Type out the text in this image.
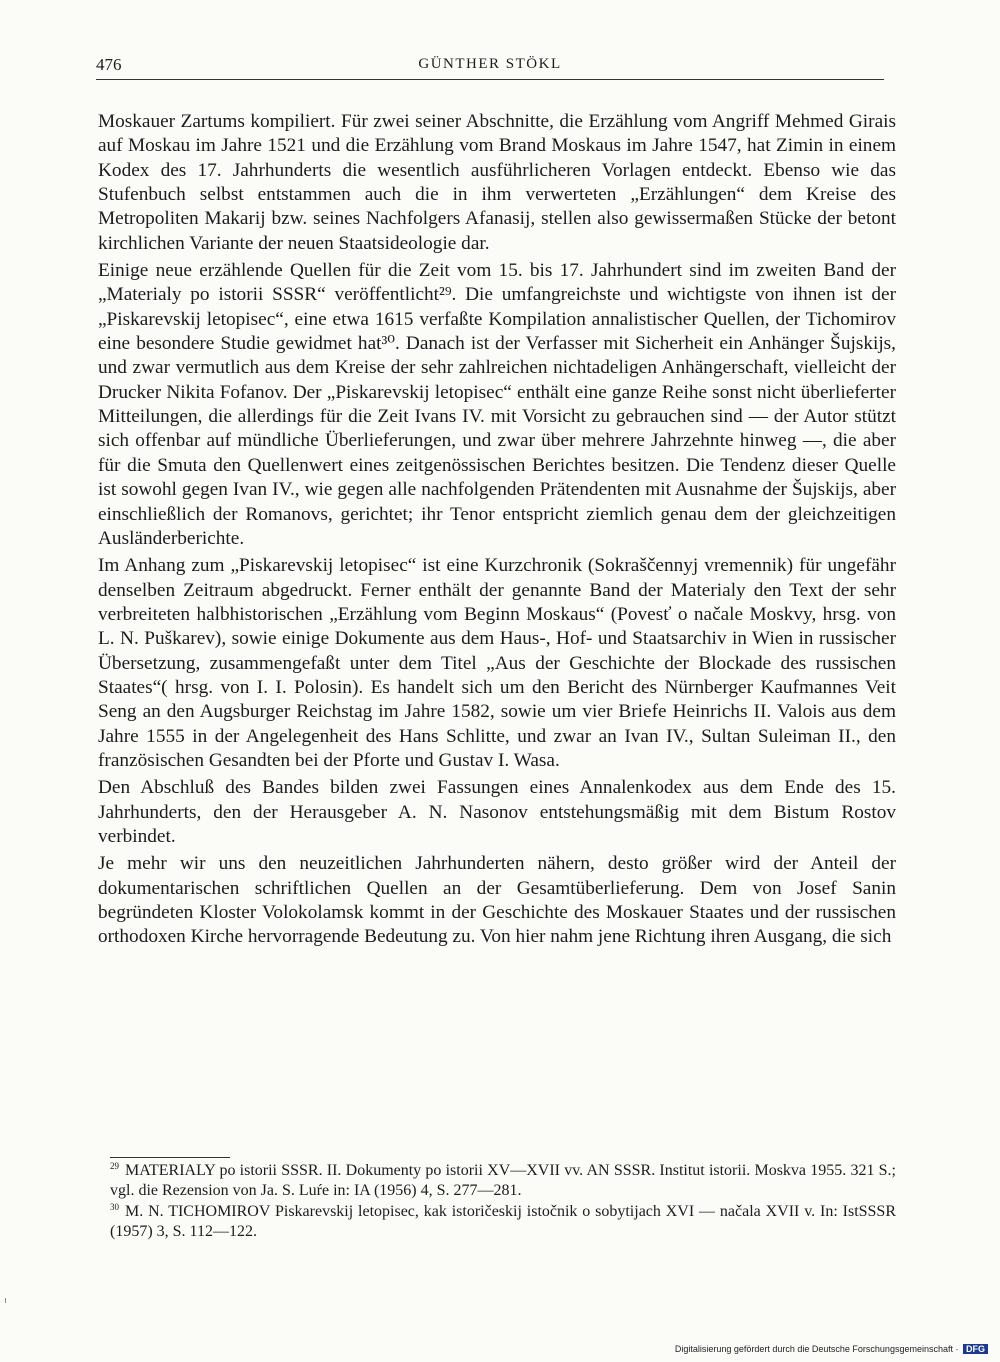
476	GÜNTHER STÖKL

Moskauer Zartums kompiliert. Für zwei seiner Abschnitte, die Erzählung vom Angriff Mehmed Girais auf Moskau im Jahre 1521 und die Erzählung vom Brand Moskaus im Jahre 1547, hat Zimin in einem Kodex des 17. Jahrhunderts die wesentlich ausführlicheren Vorlagen entdeckt. Ebenso wie das Stufenbuch selbst entstammen auch die in ihm verwerteten „Erzählungen“ dem Kreise des Metropoliten Makarij bzw. seines Nachfolgers Afanasij, stellen also gewissermaßen Stücke der betont kirchlichen Variante der neuen Staatsideologie dar.

Einige neue erzählende Quellen für die Zeit vom 15. bis 17. Jahrhundert sind im zweiten Band der „Materialy po istorii SSSR“ veröffentlicht²⁹. Die umfangreichste und wichtigste von ihnen ist der „Piskarevskij letopisec“, eine etwa 1615 verfaßte Kompilation annalistischer Quellen, der Tichomirov eine besondere Studie gewidmet hat³⁰. Danach ist der Verfasser mit Sicherheit ein Anhänger Šujskijs, und zwar vermutlich aus dem Kreise der sehr zahlreichen nichtadeligen Anhängerschaft, vielleicht der Drucker Nikita Fofanov. Der „Piskarevskij letopisec“ enthält eine ganze Reihe sonst nicht überlieferter Mitteilungen, die allerdings für die Zeit Ivans IV. mit Vorsicht zu gebrauchen sind — der Autor stützt sich offenbar auf mündliche Überlieferungen, und zwar über mehrere Jahrzehnte hinweg —, die aber für die Smuta den Quellenwert eines zeitgenössischen Berichtes besitzen. Die Tendenz dieser Quelle ist sowohl gegen Ivan IV., wie gegen alle nachfolgenden Prätendenten mit Ausnahme der Šujskijs, aber einschließlich der Romanovs, gerichtet; ihr Tenor entspricht ziemlich genau dem der gleichzeitigen Ausländerberichte.

Im Anhang zum „Piskarevskij letopisec“ ist eine Kurzchronik (Sokraščennyj vremennik) für ungefähr denselben Zeitraum abgedruckt. Ferner enthält der genannte Band der Materialy den Text der sehr verbreiteten halbhistorischen „Erzählung vom Beginn Moskaus“ (Povesť o načale Moskvy, hrsg. von L. N. Puškarev), sowie einige Dokumente aus dem Haus-, Hof- und Staatsarchiv in Wien in russischer Übersetzung, zusammengefaßt unter dem Titel „Aus der Geschichte der Blockade des russischen Staates“( hrsg. von I. I. Polosin). Es handelt sich um den Bericht des Nürnberger Kaufmannes Veit Seng an den Augsburger Reichstag im Jahre 1582, sowie um vier Briefe Heinrichs II. Valois aus dem Jahre 1555 in der Angelegenheit des Hans Schlitte, und zwar an Ivan IV., Sultan Suleiman II., den französischen Gesandten bei der Pforte und Gustav I. Wasa.

Den Abschluß des Bandes bilden zwei Fassungen eines Annalenkodex aus dem Ende des 15. Jahrhunderts, den der Herausgeber A. N. Nasonov entstehungsmäßig mit dem Bistum Rostov verbindet.

Je mehr wir uns den neuzeitlichen Jahrhunderten nähern, desto größer wird der Anteil der dokumentarischen schriftlichen Quellen an der Gesamtüberlieferung. Dem von Josef Sanin begründeten Kloster Volokolamsk kommt in der Geschichte des Moskauer Staates und der russischen orthodoxen Kirche hervorragende Bedeutung zu. Von hier nahm jene Richtung ihren Ausgang, die sich

$^{29}$ MATERIALY po istorii SSSR. II. Dokumenty po istorii XV—XVII vv. AN SSSR. Institut istorii. Moskva 1955. 321 S.; vgl. die Rezension von Ja. S. Luŕe in: IA (1956) 4, S. 277—281.
$^{30}$ M. N. TICHOMIROV Piskarevskij letopisec, kak istoričeskij istočnik o sobytijach XVI — načala XVII v. In: IstSSSR (1957) 3, S. 112—122.
Digitalisierung gefördert durch die Deutsche Forschungsgemeinschaft · DFG
